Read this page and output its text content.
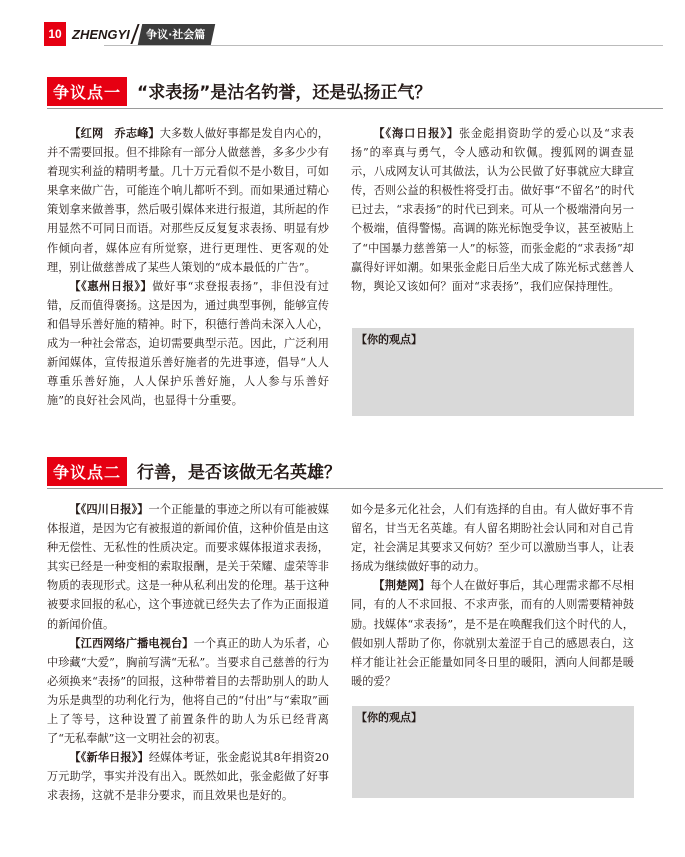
10 ZHENGYI	争议·社会篇
争议点一 “求表扬”是沽名钓誉，还是弘扬正气？

【红网　乔志峰】大多数人做好事都是发自内心的，并不需要回报。但不排除有一部分人做慈善，多多少少有着现实利益的精明考量。几十万元看似不是小数目，可如果拿来做广告，可能连个响儿都听不到。而如果通过精心策划拿来做善事，然后吸引媒体来进行报道，其所起的作用显然不可同日而语。对那些反反复复求表扬、明显有炒作倾向者，媒体应有所觉察，进行更理性、更客观的处理，别让做慈善成了某些人策划的“成本最低的广告”。

【《惠州日报》】做好事“求登报表扬”，非但没有过错，反而值得褒扬。这是因为，通过典型事例，能够宣传和倡导乐善好施的精神。时下，积德行善尚未深入人心，成为一种社会常态，迫切需要典型示范。因此，广泛利用新闻媒体，宣传报道乐善好施者的先进事迹，倡导“人人尊重乐善好施，人人保护乐善好施，人人参与乐善好施”的良好社会风尚，也显得十分重要。

【《海口日报》】张金彪捐资助学的爱心以及“求表扬”的率真与勇气，令人感动和钦佩。搜狐网的调查显示，八成网友认可其做法，认为公民做了好事就应大肆宣传，否则公益的积极性将受打击。做好事“不留名”的时代已过去，“求表扬”的时代已到来。可从一个极端滑向另一个极端，值得警惕。高调的陈光标饱受争议，甚至被贴上了“中国暴力慈善第一人”的标签，而张金彪的“求表扬”却赢得好评如潮。如果张金彪日后坐大成了陈光标式慈善人物，舆论又该如何？面对“求表扬”，我们应保持理性。

【你的观点】
争议点二 行善，是否该做无名英雄？

【《四川日报》】一个正能量的事迹之所以有可能被媒体报道，是因为它有被报道的新闻价值，这种价值是由这种无偿性、无私性的性质决定。而要求媒体报道求表扬，其实已经是一种变相的索取报酬，是关于荣耀、虚荣等非物质的表现形式。这是一种从私利出发的伦理。基于这种被要求回报的私心，这个事迹就已经失去了作为正面报道的新闻价值。

【江西网络广播电视台】一个真正的助人为乐者，心中珍藏“大爱”，胸前写满“无私”。当要求自己慈善的行为必须换来“表扬”的回报，这种带着目的去帮助别人的助人为乐是典型的功利化行为，他将自己的“付出”与“索取”画上了等号，这种设置了前置条件的助人为乐已经背离了“无私奉献”这一文明社会的初衷。

【《新华日报》】经媒体考证，张金彪说其8年捐资20万元助学，事实并没有出入。既然如此，张金彪做了好事求表扬，这就不是非分要求，而且效果也是好的。

如今是多元化社会，人们有选择的自由。有人做好事不肯留名，甘当无名英雄。有人留名期盼社会认同和对自己肯定，社会满足其要求又何妨？至少可以激励当事人，让表扬成为继续做好事的动力。

【荆楚网】每个人在做好事后，其心理需求都不尽相同，有的人不求回报、不求声张，而有的人则需要精神鼓励。找媒体“求表扬”，是不是在唤醒我们这个时代的人，假如别人帮助了你，你就别太羞涩于自己的感恩表白，这样才能让社会正能量如同冬日里的暖阳，洒向人间都是暖暖的爱？

【你的观点】
